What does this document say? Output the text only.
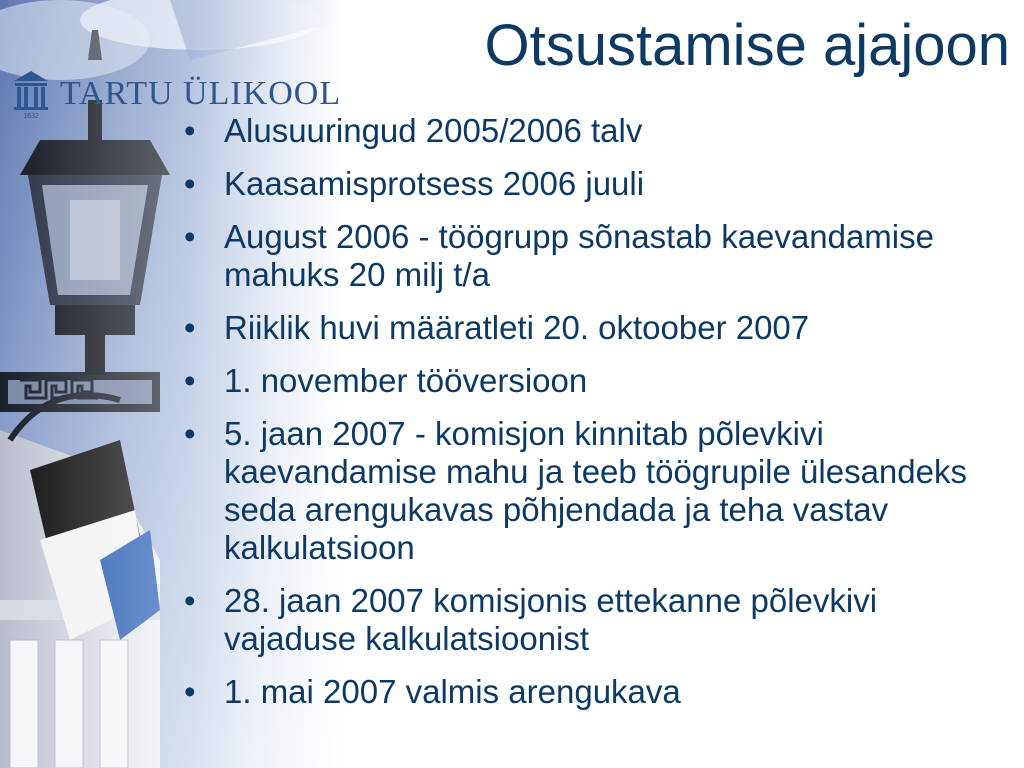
1632
TARTU ÜLIKOOL
Otsustamise ajajoon
• Alusuuringud 2005/2006 talv
• Kaasamisprotsess 2006 juuli
• August 2006 - töögrupp sõnastab kaevandamise mahuks 20 milj t/a
• Riiklik huvi määratleti 20. oktoober 2007
• 1. november tööversioon
• 5. jaan 2007 - komisjon kinnitab põlevkivi kaevandamise mahu ja teeb töögrupile ülesandeks seda arengukavas põhjendada ja teha vastav kalkulatsioon
• 28. jaan 2007 komisjonis ettekanne põlevkivi vajaduse kalkulatsioonist
• 1. mai 2007 valmis arengukava
